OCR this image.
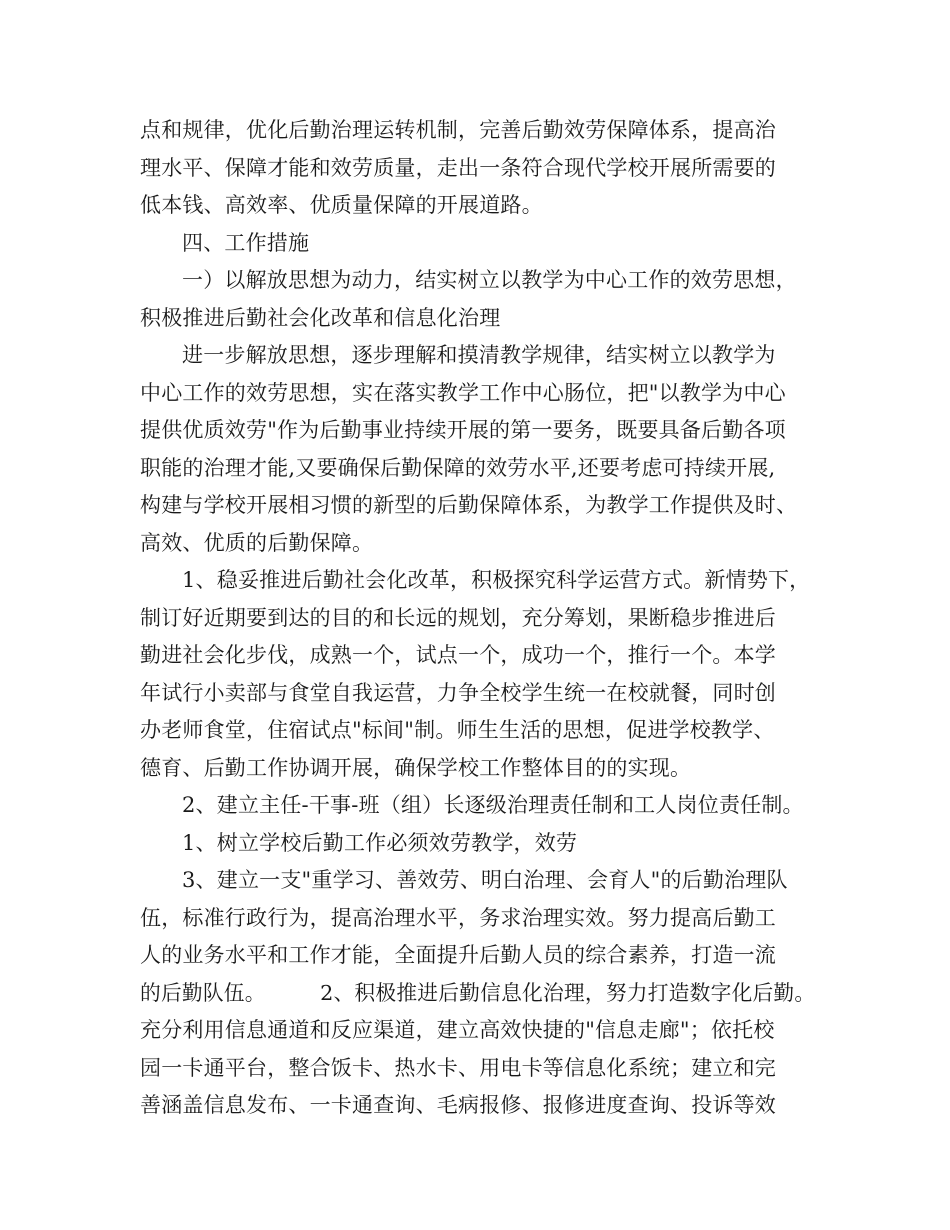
点和规律，优化后勤治理运转机制，完善后勤效劳保障体系，提高治
理水平、保障才能和效劳质量，走出一条符合现代学校开展所需要的
低本钱、高效率、优质量保障的开展道路。
四、工作措施
一）以解放思想为动力，结实树立以教学为中心工作的效劳思想，
积极推进后勤社会化改革和信息化治理
进一步解放思想，逐步理解和摸清教学规律，结实树立以教学为
中心工作的效劳思想，实在落实教学工作中心肠位，把"以教学为中心
提供优质效劳"作为后勤事业持续开展的第一要务，既要具备后勤各项
职能的治理才能,又要确保后勤保障的效劳水平,还要考虑可持续开展,
构建与学校开展相习惯的新型的后勤保障体系，为教学工作提供及时、
高效、优质的后勤保障。
1、稳妥推进后勤社会化改革，积极探究科学运营方式。新情势下，
制订好近期要到达的目的和长远的规划，充分筹划，果断稳步推进后
勤进社会化步伐，成熟一个，试点一个，成功一个，推行一个。本学
年试行小卖部与食堂自我运营，力争全校学生统一在校就餐，同时创
办老师食堂，住宿试点"标间"制。师生生活的思想，促进学校教学、
德育、后勤工作协调开展，确保学校工作整体目的的实现。
2、建立主任-干事-班（组）长逐级治理责任制和工人岗位责任制。
1、树立学校后勤工作必须效劳教学，效劳
3、建立一支"重学习、善效劳、明白治理、会育人"的后勤治理队
伍，标准行政行为，提高治理水平，务求治理实效。努力提高后勤工
人的业务水平和工作才能，全面提升后勤人员的综合素养，打造一流
的后勤队伍。        2、积极推进后勤信息化治理，努力打造数字化后勤。
充分利用信息通道和反应渠道，建立高效快捷的"信息走廊"；依托校
园一卡通平台，整合饭卡、热水卡、用电卡等信息化系统；建立和完
善涵盖信息发布、一卡通查询、毛病报修、报修进度查询、投诉等效
